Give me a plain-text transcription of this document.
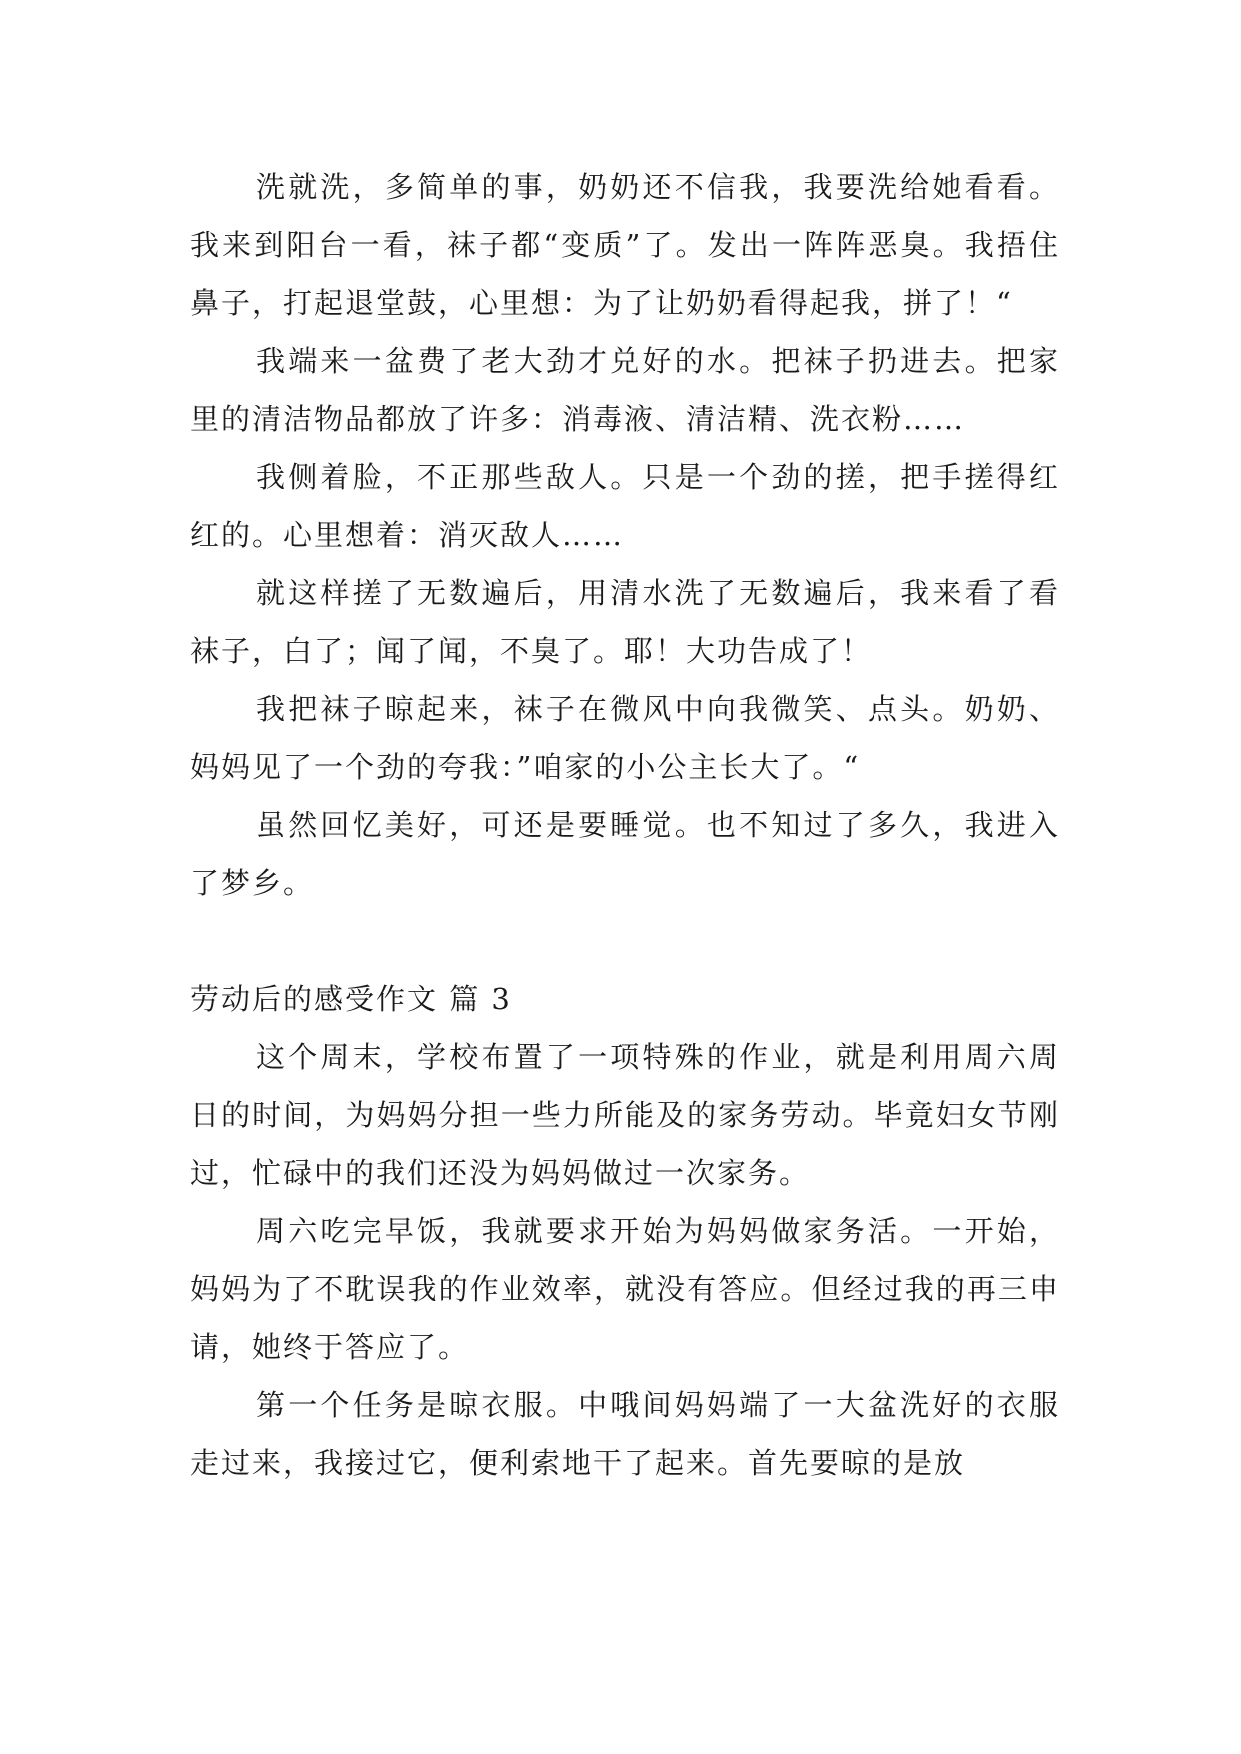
洗就洗，多简单的事，奶奶还不信我，我要洗给她看看。我来到阳台一看，袜子都“变质”了。发出一阵阵恶臭。我捂住鼻子，打起退堂鼓，心里想：为了让奶奶看得起我，拼了！“

我端来一盆费了老大劲才兑好的水。把袜子扔进去。把家里的清洁物品都放了许多：消毒液、清洁精、洗衣粉……

我侧着脸，不正那些敌人。只是一个劲的搓，把手搓得红红的。心里想着：消灭敌人……

就这样搓了无数遍后，用清水洗了无数遍后，我来看了看袜子，白了；闻了闻，不臭了。耶！大功告成了！

我把袜子晾起来，袜子在微风中向我微笑、点头。奶奶、妈妈见了一个劲的夸我：”咱家的小公主长大了。“

虽然回忆美好，可还是要睡觉。也不知过了多久，我进入了梦乡。

劳动后的感受作文 篇 3

这个周末，学校布置了一项特殊的作业，就是利用周六周日的时间，为妈妈分担一些力所能及的家务劳动。毕竟妇女节刚过，忙碌中的我们还没为妈妈做过一次家务。

周六吃完早饭，我就要求开始为妈妈做家务活。一开始，妈妈为了不耽误我的作业效率，就没有答应。但经过我的再三申请，她终于答应了。

第一个任务是晾衣服。中哦间妈妈端了一大盆洗好的衣服走过来，我接过它，便利索地干了起来。首先要晾的是放
